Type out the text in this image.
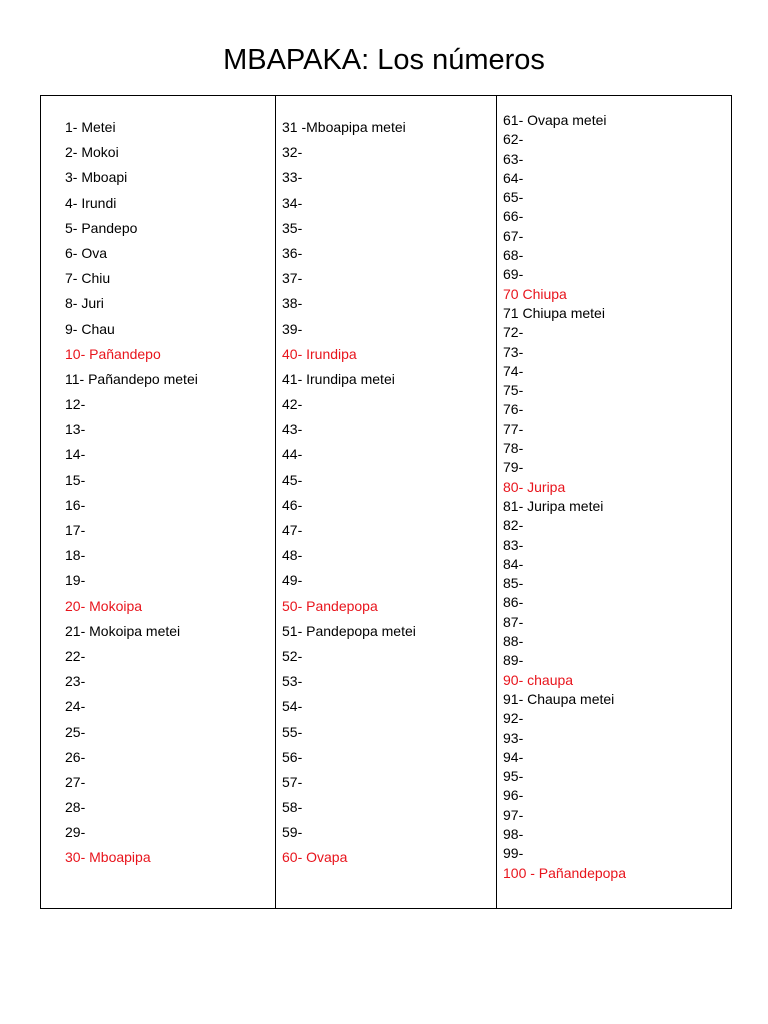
MBAPAKA: Los números
1- Metei
2- Mokoi
3- Mboapi
4- Irundi
5- Pandepo
6- Ova
7- Chiu
8- Juri
9- Chau
10- Pañandepo
11- Pañandepo metei
12-
13-
14-
15-
16-
17-
18-
19-
20- Mokoipa
21- Mokoipa metei
22-
23-
24-
25-
26-
27-
28-
29-
30- Mboapipa
31 -Mboapipa metei
32-
33-
34-
35-
36-
37-
38-
39-
40- Irundipa
41- Irundipa metei
42-
43-
44-
45-
46-
47-
48-
49-
50- Pandepopa
51- Pandepopa metei
52-
53-
54-
55-
56-
57-
58-
59-
60- Ovapa
61- Ovapa metei
62-
63-
64-
65-
66-
67-
68-
69-
70 Chiupa
71 Chiupa metei
72-
73-
74-
75-
76-
77-
78-
79-
80- Juripa
81- Juripa metei
82-
83-
84-
85-
86-
87-
88-
89-
90- chaupa
91- Chaupa metei
92-
93-
94-
95-
96-
97-
98-
99-
100 - Pañandepopa
